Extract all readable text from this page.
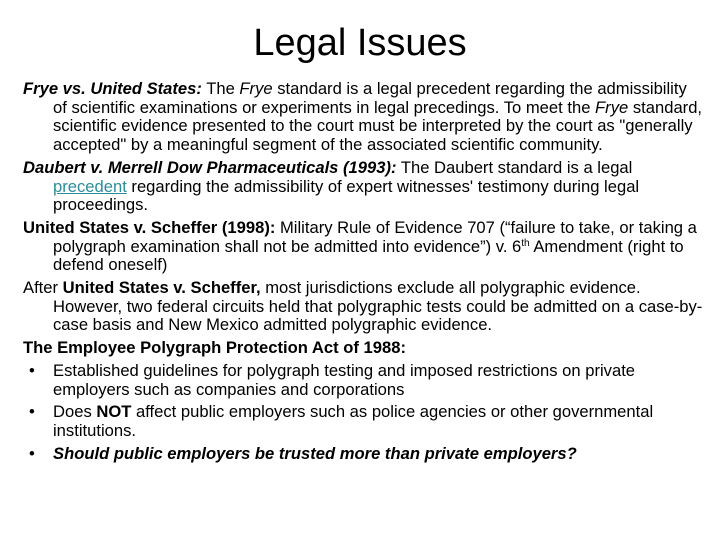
Legal Issues

Frye vs. United States: The Frye standard is a legal precedent regarding the admissibility of scientific examinations or experiments in legal precedings. To meet the Frye standard, scientific evidence presented to the court must be interpreted by the court as "generally accepted" by a meaningful segment of the associated scientific community.

Daubert v. Merrell Dow Pharmaceuticals (1993): The Daubert standard is a legal precedent regarding the admissibility of expert witnesses' testimony during legal proceedings.

United States v. Scheffer (1998): Military Rule of Evidence 707 (“failure to take, or taking a polygraph examination shall not be admitted into evidence”) v. 6th Amendment (right to defend oneself)

After United States v. Scheffer, most jurisdictions exclude all polygraphic evidence. However, two federal circuits held that polygraphic tests could be admitted on a case-by-case basis and New Mexico admitted polygraphic evidence.

The Employee Polygraph Protection Act of 1988:

• Established guidelines for polygraph testing and imposed restrictions on private employers such as companies and corporations
• Does NOT affect public employers such as police agencies or other governmental institutions.
• Should public employers be trusted more than private employers?
